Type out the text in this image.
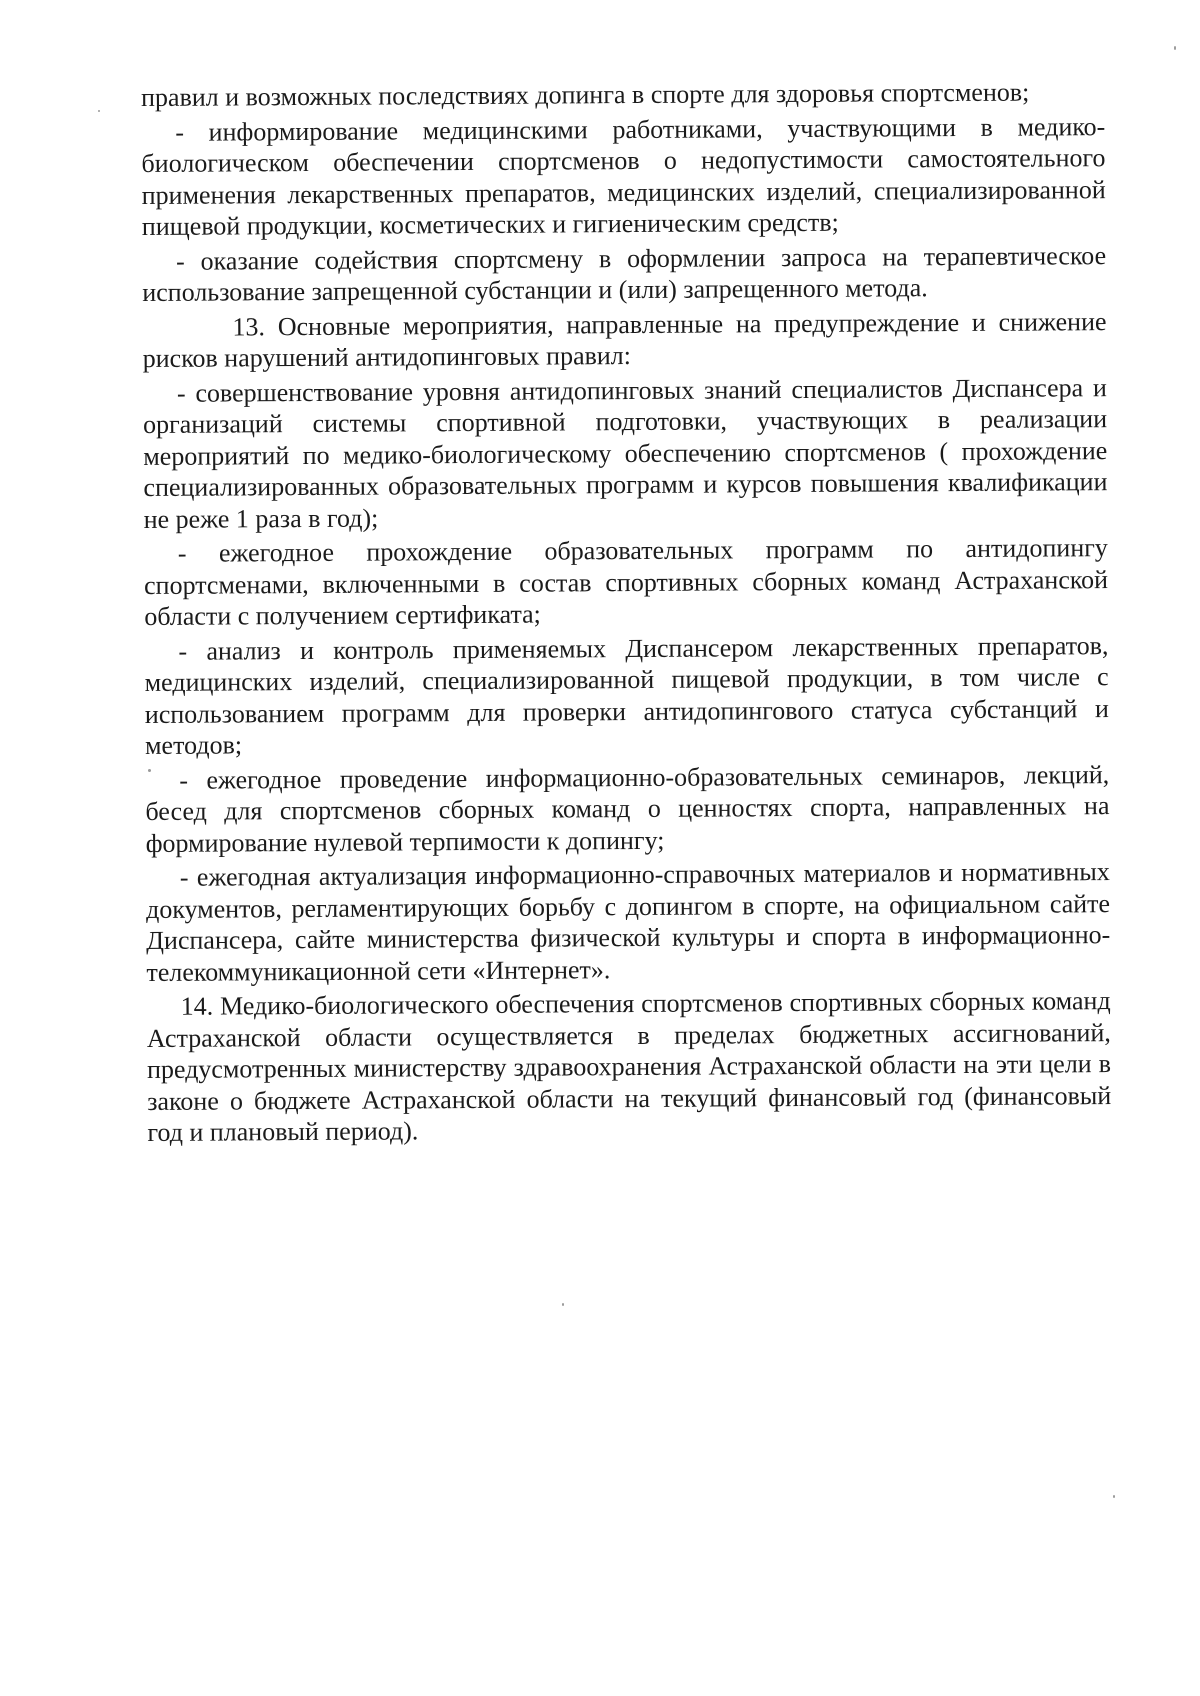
правил и возможных последствиях допинга в спорте для здоровья спортсменов;

- информирование медицинскими работниками, участвующими в медико-биологическом обеспечении спортсменов о недопустимости самостоятельного применения лекарственных препаратов, медицинских изделий, специализированной пищевой продукции, косметических и гигиеническим средств;

- оказание содействия спортсмену в оформлении запроса на терапевтическое использование запрещенной субстанции и (или) запрещенного метода.

13. Основные мероприятия, направленные на предупреждение и снижение рисков нарушений антидопинговых правил:

- совершенствование уровня антидопинговых знаний специалистов Диспансера и организаций системы спортивной подготовки, участвующих в реализации мероприятий по медико-биологическому обеспечению спортсменов ( прохождение специализированных образовательных программ и курсов повышения квалификации не реже 1 раза в год);

- ежегодное прохождение образовательных программ по антидопингу спортсменами, включенными в состав спортивных сборных команд Астраханской области с получением сертификата;

- анализ и контроль применяемых Диспансером лекарственных препаратов, медицинских изделий, специализированной пищевой продукции, в том числе с использованием программ для проверки антидопингового статуса субстанций и методов;

- ежегодное проведение информационно-образовательных семинаров, лекций, бесед для спортсменов сборных команд о ценностях спорта, направленных на формирование нулевой терпимости к допингу;

- ежегодная актуализация информационно-справочных материалов и нормативных документов, регламентирующих борьбу с допингом в спорте, на официальном сайте Диспансера, сайте министерства физической культуры и спорта в информационно-телекоммуникационной сети «Интернет».

14. Медико-биологического обеспечения спортсменов спортивных сборных команд Астраханской области осуществляется в пределах бюджетных ассигнований, предусмотренных министерству здравоохранения Астраханской области на эти цели в законе о бюджете Астраханской области на текущий финансовый год (финансовый год и плановый период).
